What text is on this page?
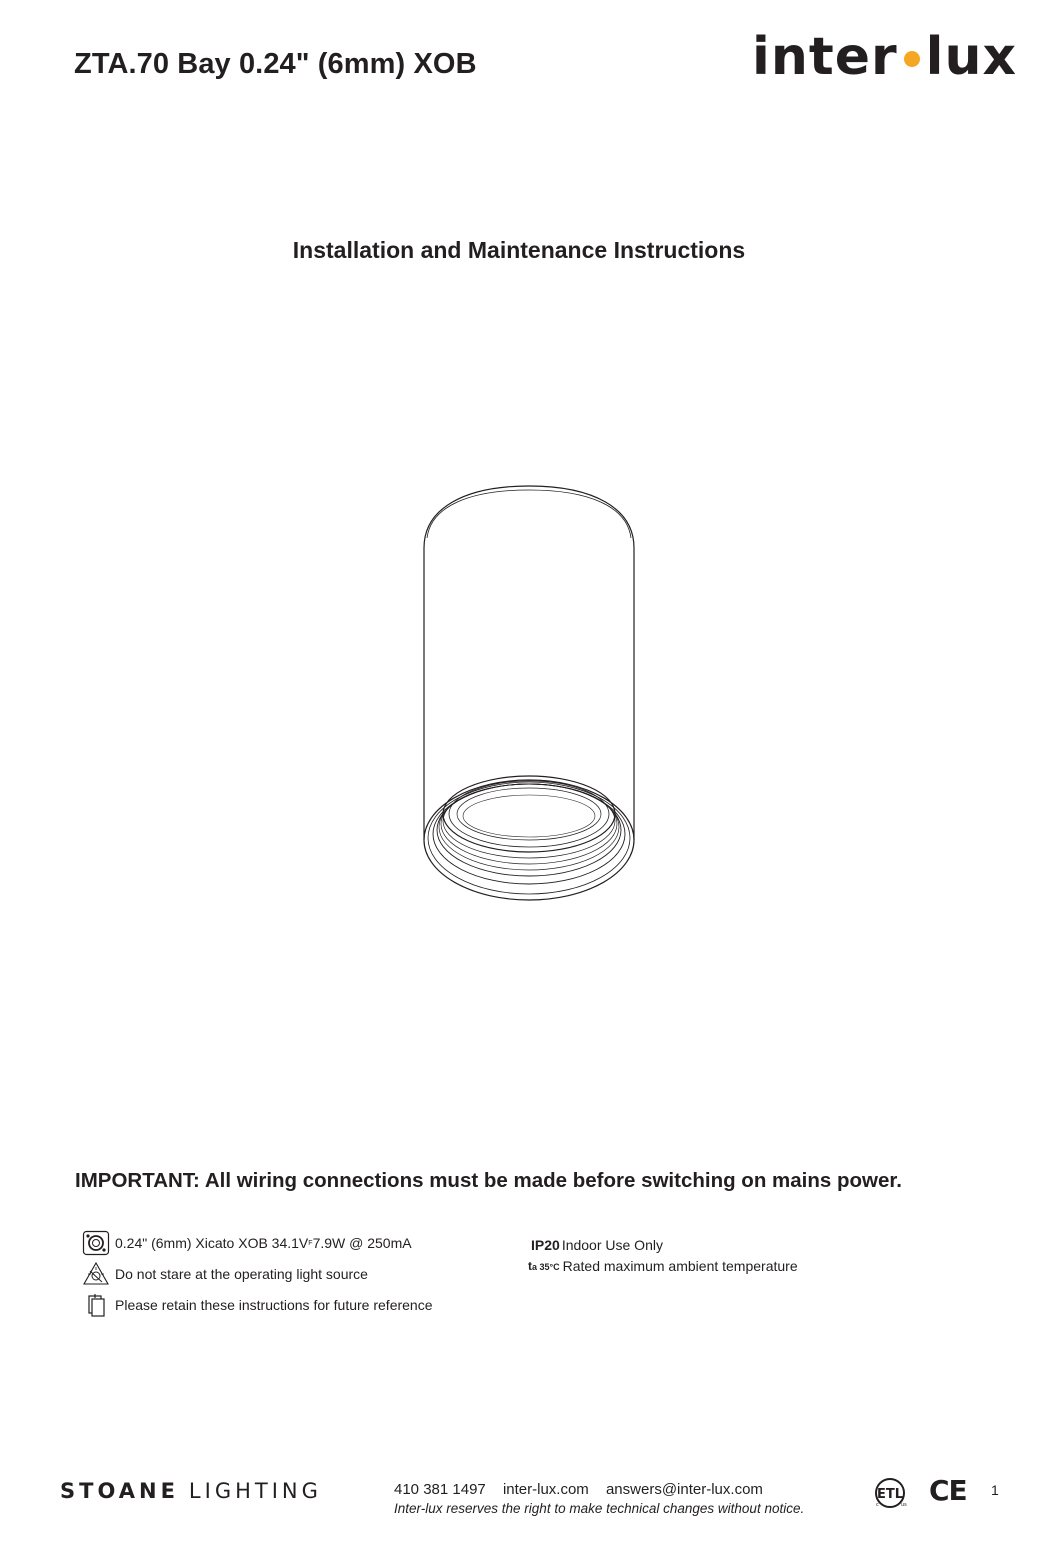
ZTA.70 Bay 0.24" (6mm) XOB	inter lux
Installation and Maintenance Instructions
IMPORTANT: All wiring connections must be made before switching on mains power.
0.24" (6mm) Xicato XOB 34.1V F 7.9W @ 250mA
Do not stare at the operating light source
Please retain these instructions for future reference
IP20 Indoor Use Only
ta 35°C Rated maximum ambient temperature
STOANE LIGHTING	410 381 1497 inter-lux.com answers@inter-lux.com
Inter-lux reserves the right to make technical changes without notice.
ETL
c	us CE 1
